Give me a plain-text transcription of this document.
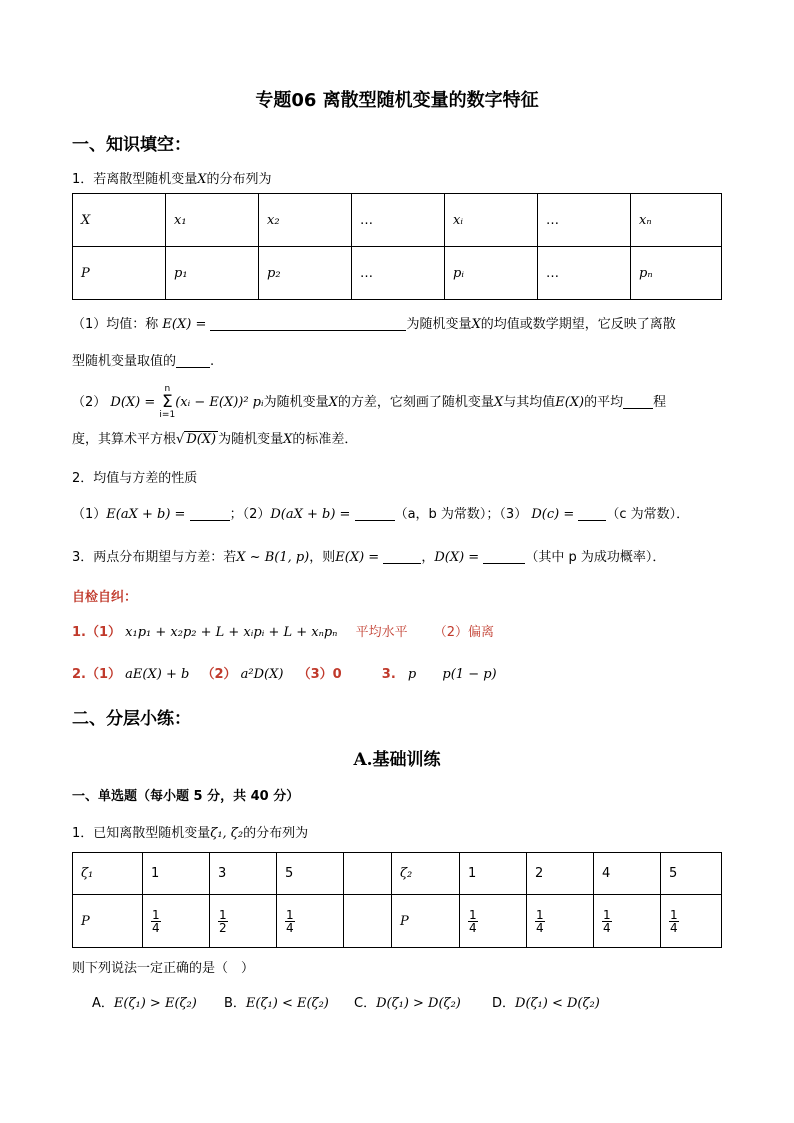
专题06 离散型随机变量的数字特征
一、知识填空：
1．若离散型随机变量X的分布列为
X	x₁	x₂	…	xᵢ	…	xₙ
P	p₁	p₂	…	pᵢ	…	pₙ
（1）均值：称 E(X) =	为随机变量X的均值或数学期望，它反映了离散
型随机变量取值的	.
（2） D(X) =
n
Σ
i=1
(xᵢ − E(X))² pᵢ为随机变量X的方差，它刻画了随机变量X与其均值E(X)的平均 程
度，其算术平方根√ D(X) 为随机变量X的标准差．
2．均值与方差的性质
（1）E(aX + b) =	；（2）D(aX + b) =	（a，b 为常数）；（3） D(c) = （c 为常数）．
3．两点分布期望与方差：若X ~ B(1, p)，则E(X) =	，D(X) =	（其中 p 为成功概率）．
自检自纠：
1.（1） x₁p₁ + x₂p₂ + L + xᵢpᵢ + L + xₙpₙ 平均水平 （2）偏离
2.（1） aE(X) + b （2） a²D(X) （3）0	3. p p(1 − p)
二、分层小练：
A.基础训练
一、单选题（每小题 5 分，共 40 分）
1．已知离散型随机变量ζ₁, ζ₂的分布列为
ζ₁	1	3	5		ζ₂	1	2	4	5
P	$\frac{1}{4}$	$\frac{1}{2}$	$\frac{1}{4}$		P	$\frac{1}{4}$	$\frac{1}{4}$	$\frac{1}{4}$	$\frac{1}{4}$
则下列说法一定正确的是（　）
A．E(ζ₁) > E(ζ₂) B．E(ζ₁) < E(ζ₂) C．D(ζ₁) > D(ζ₂) D．D(ζ₁) < D(ζ₂)
